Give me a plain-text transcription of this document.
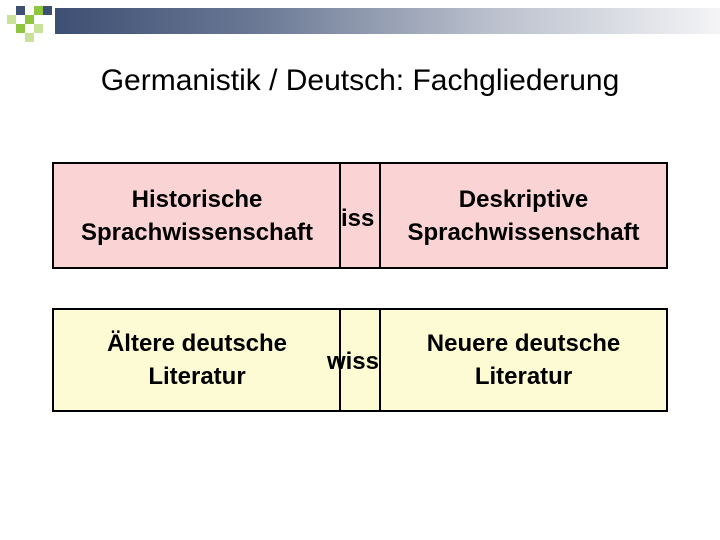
Germanistik / Deutsch: Fachgliederung
Historische
Sprachwissenschaft iss
Deskriptive
Sprachwissenschaft
Ältere deutsche
Literatur
wiss
Neuere deutsche
Literatur
